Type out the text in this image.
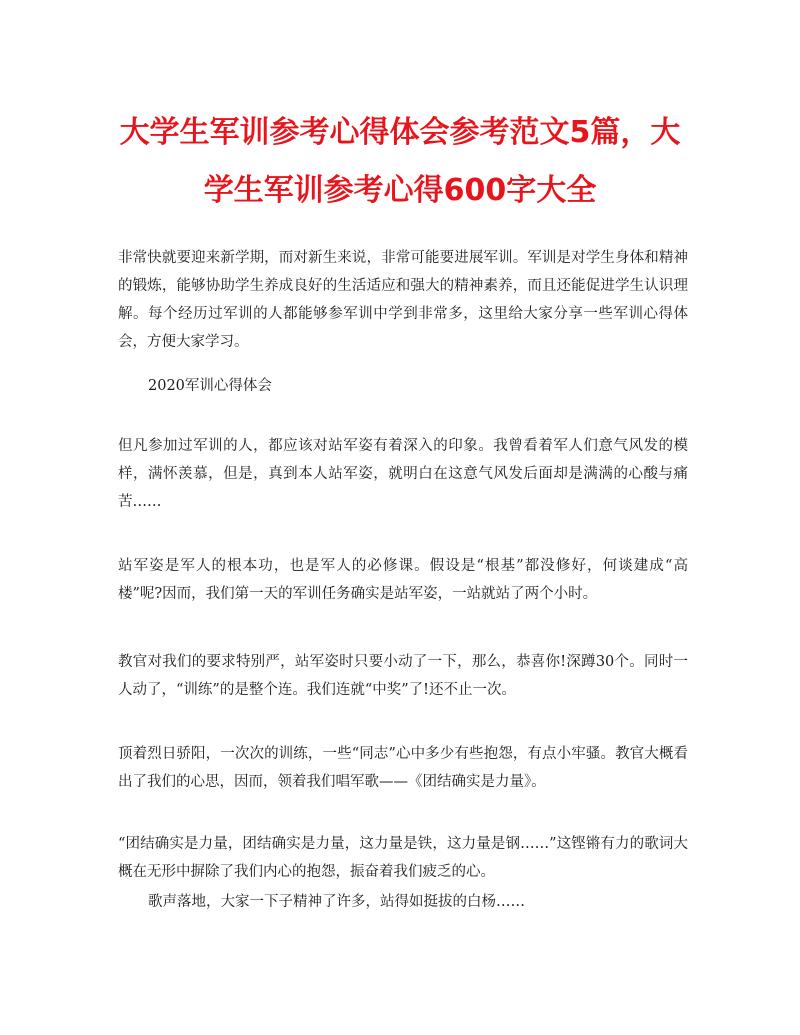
大学生军训参考心得体会参考范文5篇，大
学生军训参考心得600字大全

非常快就要迎来新学期，而对新生来说，非常可能要进展军训。军训是对学生身体和精神的锻炼，能够协助学生养成良好的生活适应和强大的精神素养，而且还能促进学生认识理解。每个经历过军训的人都能够参军训中学到非常多，这里给大家分享一些军训心得体会，方便大家学习。

2020军训心得体会

但凡参加过军训的人，都应该对站军姿有着深入的印象。我曾看着军人们意气风发的模样，满怀羡慕，但是，真到本人站军姿，就明白在这意气风发后面却是满满的心酸与痛苦……

站军姿是军人的根本功，也是军人的必修课。假设是“根基”都没修好，何谈建成“高楼”呢?因而，我们第一天的军训任务确实是站军姿，一站就站了两个小时。

教官对我们的要求特别严，站军姿时只要小动了一下，那么，恭喜你!深蹲30个。同时一人动了，“训练”的是整个连。我们连就“中奖”了!还不止一次。

顶着烈日骄阳，一次次的训练，一些“同志”心中多少有些抱怨，有点小牢骚。教官大概看出了我们的心思，因而，领着我们唱军歌——《团结确实是力量》。

“团结确实是力量，团结确实是力量，这力量是铁，这力量是钢……”这铿锵有力的歌词大概在无形中摒除了我们内心的抱怨，振奋着我们疲乏的心。

歌声落地，大家一下子精神了许多，站得如挺拔的白杨……
